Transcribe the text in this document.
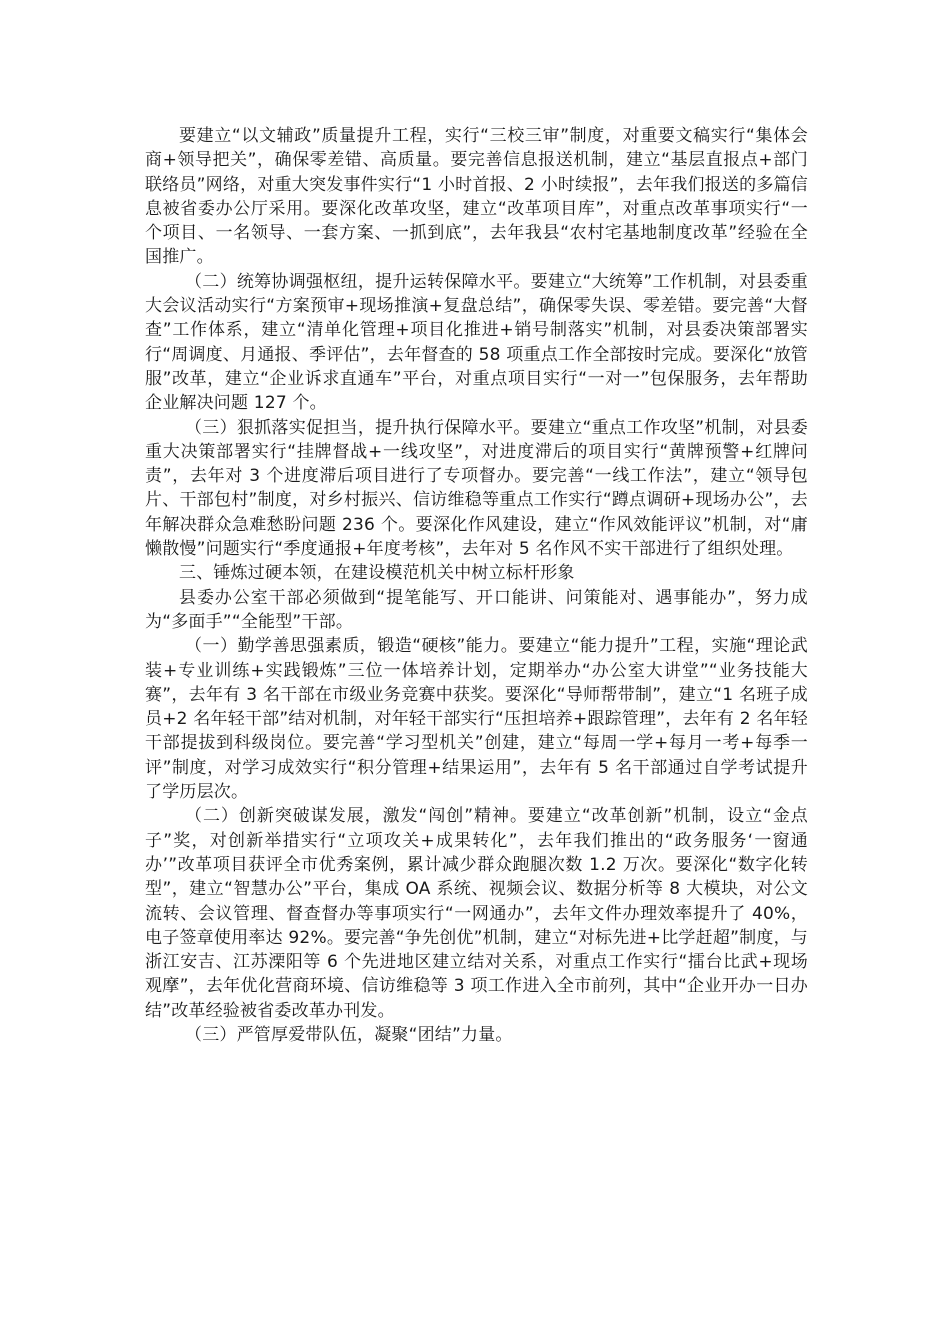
要建立“以文辅政”质量提升工程，实行“三校三审”制度，对重要文稿实行“集体会商+领导把关”，确保零差错、高质量。要完善信息报送机制，建立“基层直报点+部门联络员”网络，对重大突发事件实行“1 小时首报、2 小时续报”，去年我们报送的多篇信息被省委办公厅采用。要深化改革攻坚，建立“改革项目库”，对重点改革事项实行“一个项目、一名领导、一套方案、一抓到底”，去年我县“农村宅基地制度改革”经验在全国推广。

（二）统筹协调强枢纽，提升运转保障水平。要建立“大统筹”工作机制，对县委重大会议活动实行“方案预审+现场推演+复盘总结”，确保零失误、零差错。要完善“大督查”工作体系，建立“清单化管理+项目化推进+销号制落实”机制，对县委决策部署实行“周调度、月通报、季评估”，去年督查的 58 项重点工作全部按时完成。要深化“放管服”改革，建立“企业诉求直通车”平台，对重点项目实行“一对一”包保服务，去年帮助企业解决问题 127 个。

（三）狠抓落实促担当，提升执行保障水平。要建立“重点工作攻坚”机制，对县委重大决策部署实行“挂牌督战+一线攻坚”，对进度滞后的项目实行“黄牌预警+红牌问责”，去年对 3 个进度滞后项目进行了专项督办。要完善“一线工作法”，建立“领导包片、干部包村”制度，对乡村振兴、信访维稳等重点工作实行“蹲点调研+现场办公”，去年解决群众急难愁盼问题 236 个。要深化作风建设，建立“作风效能评议”机制，对“庸懒散慢”问题实行“季度通报+年度考核”，去年对 5 名作风不实干部进行了组织处理。

三、锤炼过硬本领，在建设模范机关中树立标杆形象

县委办公室干部必须做到“提笔能写、开口能讲、问策能对、遇事能办”，努力成为“多面手”“全能型”干部。

（一）勤学善思强素质，锻造“硬核”能力。要建立“能力提升”工程，实施“理论武装+专业训练+实践锻炼”三位一体培养计划，定期举办“办公室大讲堂”“业务技能大赛”，去年有 3 名干部在市级业务竞赛中获奖。要深化“导师帮带制”，建立“1 名班子成员+2 名年轻干部”结对机制，对年轻干部实行“压担培养+跟踪管理”，去年有 2 名年轻干部提拔到科级岗位。要完善“学习型机关”创建，建立“每周一学+每月一考+每季一评”制度，对学习成效实行“积分管理+结果运用”，去年有 5 名干部通过自学考试提升了学历层次。

（二）创新突破谋发展，激发“闯创”精神。要建立“改革创新”机制，设立“金点子”奖，对创新举措实行“立项攻关+成果转化”，去年我们推出的“政务服务‘一窗通办’”改革项目获评全市优秀案例，累计减少群众跑腿次数 1.2 万次。要深化“数字化转型”，建立“智慧办公”平台，集成 OA 系统、视频会议、数据分析等 8 大模块，对公文流转、会议管理、督查督办等事项实行“一网通办”，去年文件办理效率提升了 40%，电子签章使用率达 92%。要完善“争先创优”机制，建立“对标先进+比学赶超”制度，与浙江安吉、江苏溧阳等 6 个先进地区建立结对关系，对重点工作实行“擂台比武+现场观摩”，去年优化营商环境、信访维稳等 3 项工作进入全市前列，其中“企业开办一日办结”改革经验被省委改革办刊发。

（三）严管厚爱带队伍，凝聚“团结”力量。
